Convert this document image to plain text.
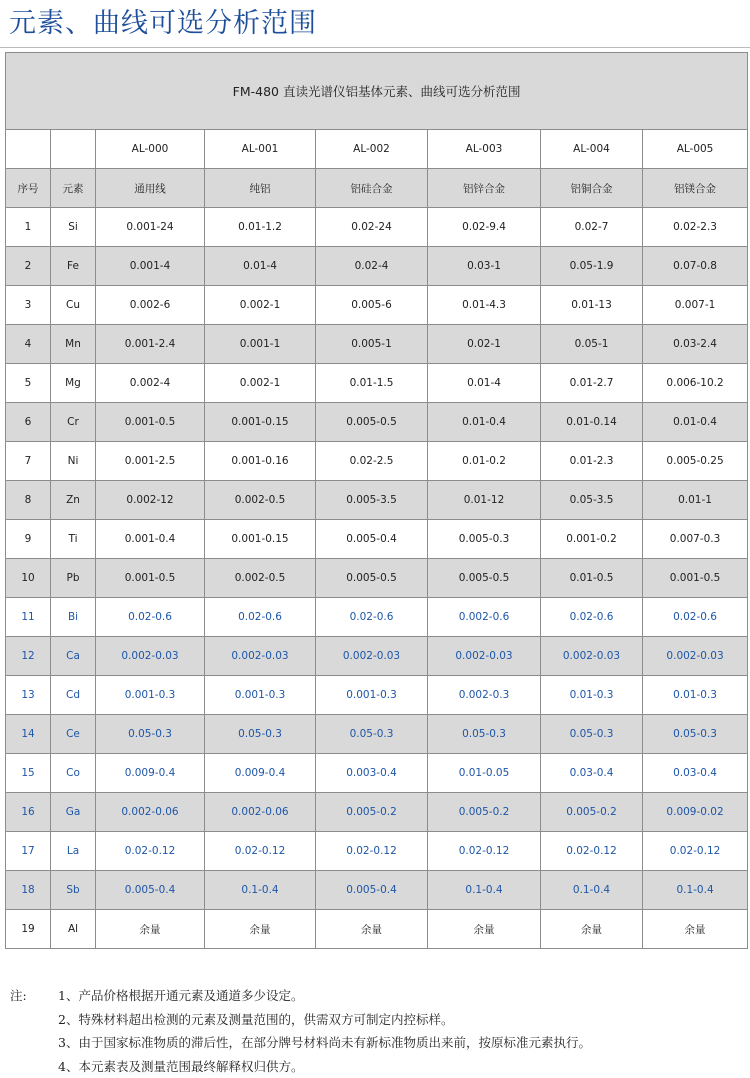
元素、曲线可选分析范围
FM-480 直读光谱仪铝基体元素、曲线可选分析范围							
		AL-000	AL-001	AL-002	AL-003	AL-004	AL-005
序号	元素	通用线	纯铝	铝硅合金	铝锌合金	铝铜合金	铝镁合金
1	Si	0.001-24	0.01-1.2	0.02-24	0.02-9.4	0.02-7	0.02-2.3
2	Fe	0.001-4	0.01-4	0.02-4	0.03-1	0.05-1.9	0.07-0.8
3	Cu	0.002-6	0.002-1	0.005-6	0.01-4.3	0.01-13	0.007-1
4	Mn	0.001-2.4	0.001-1	0.005-1	0.02-1	0.05-1	0.03-2.4
5	Mg	0.002-4	0.002-1	0.01-1.5	0.01-4	0.01-2.7	0.006-10.2
6	Cr	0.001-0.5	0.001-0.15	0.005-0.5	0.01-0.4	0.01-0.14	0.01-0.4
7	Ni	0.001-2.5	0.001-0.16	0.02-2.5	0.01-0.2	0.01-2.3	0.005-0.25
8	Zn	0.002-12	0.002-0.5	0.005-3.5	0.01-12	0.05-3.5	0.01-1
9	Ti	0.001-0.4	0.001-0.15	0.005-0.4	0.005-0.3	0.001-0.2	0.007-0.3
10	Pb	0.001-0.5	0.002-0.5	0.005-0.5	0.005-0.5	0.01-0.5	0.001-0.5
11	Bi	0.02-0.6	0.02-0.6	0.02-0.6	0.002-0.6	0.02-0.6	0.02-0.6
12	Ca	0.002-0.03	0.002-0.03	0.002-0.03	0.002-0.03	0.002-0.03	0.002-0.03
13	Cd	0.001-0.3	0.001-0.3	0.001-0.3	0.002-0.3	0.01-0.3	0.01-0.3
14	Ce	0.05-0.3	0.05-0.3	0.05-0.3	0.05-0.3	0.05-0.3	0.05-0.3
15	Co	0.009-0.4	0.009-0.4	0.003-0.4	0.01-0.05	0.03-0.4	0.03-0.4
16	Ga	0.002-0.06	0.002-0.06	0.005-0.2	0.005-0.2	0.005-0.2	0.009-0.02
17	La	0.02-0.12	0.02-0.12	0.02-0.12	0.02-0.12	0.02-0.12	0.02-0.12
18	Sb	0.005-0.4	0.1-0.4	0.005-0.4	0.1-0.4	0.1-0.4	0.1-0.4
19	Al	余量	余量	余量	余量	余量	余量
注:	1、产品价格根据开通元素及通道多少设定。
2、特殊材料超出检测的元素及测量范围的，供需双方可制定内控标样。
3、由于国家标准物质的滞后性，在部分牌号材料尚未有新标准物质出来前，按原标准元素执行。
4、本元素表及测量范围最终解释权归供方。
